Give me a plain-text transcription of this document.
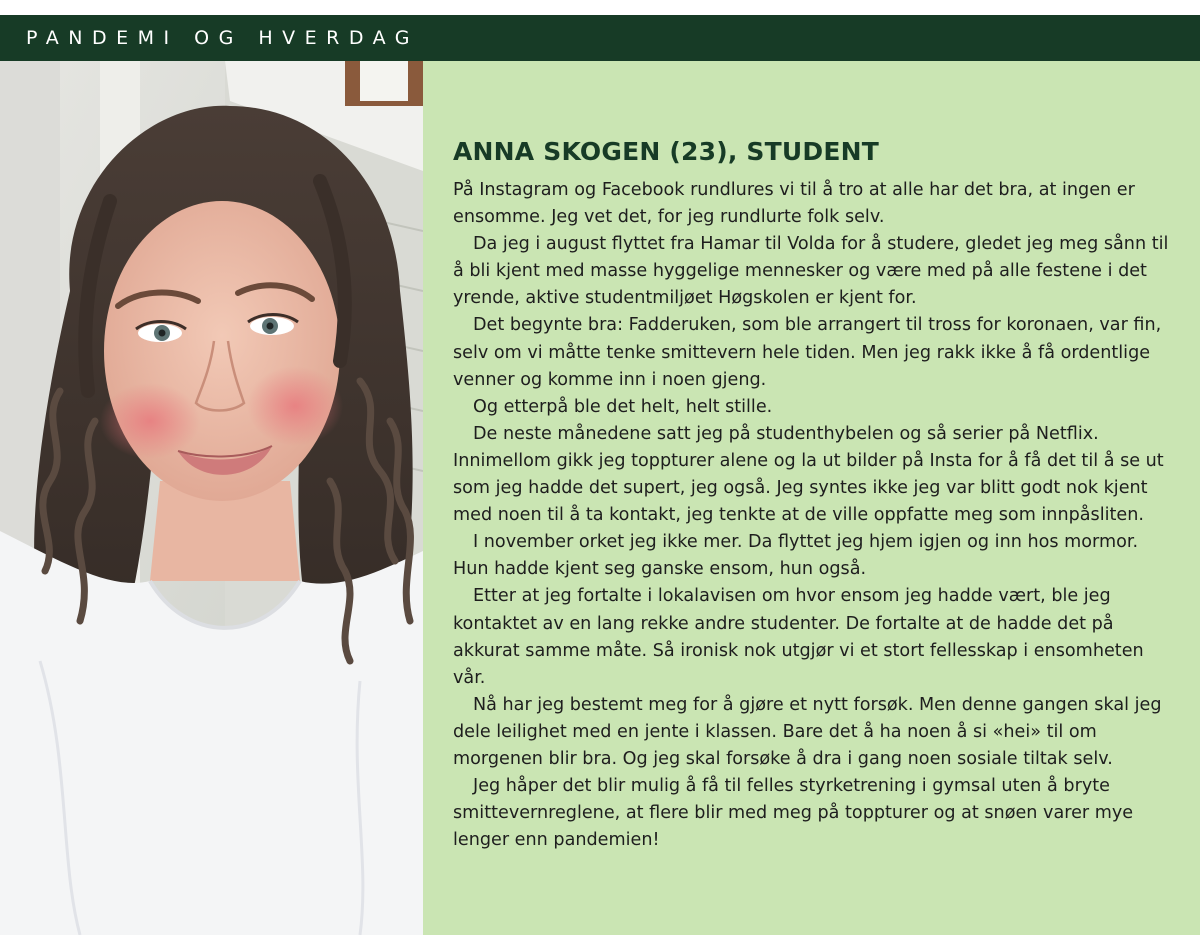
PANDEMI OG HVERDAG
ANNA SKOGEN (23), STUDENT

På Instagram og Facebook rundlures vi til å tro at alle har det bra, at ingen er ensomme. Jeg vet det, for jeg rundlurte folk selv.

Da jeg i august flyttet fra Hamar til Volda for å studere, gledet jeg meg sånn til å bli kjent med masse hyggelige mennesker og være med på alle festene i det yrende, aktive studentmiljøet Høgskolen er kjent for.

Det begynte bra: Fadderuken, som ble arrangert til tross for koronaen, var fin, selv om vi måtte tenke smittevern hele tiden. Men jeg rakk ikke å få ordentlige venner og komme inn i noen gjeng.

Og etterpå ble det helt, helt stille.

De neste månedene satt jeg på studenthybelen og så serier på Netflix. Innimellom gikk jeg toppturer alene og la ut bilder på Insta for å få det til å se ut som jeg hadde det supert, jeg også. Jeg syntes ikke jeg var blitt godt nok kjent med noen til å ta kontakt, jeg tenkte at de ville oppfatte meg som innpåsliten.

I november orket jeg ikke mer. Da flyttet jeg hjem igjen og inn hos mormor. Hun hadde kjent seg ganske ensom, hun også.

Etter at jeg fortalte i lokalavisen om hvor ensom jeg hadde vært, ble jeg kontaktet av en lang rekke andre studenter. De fortalte at de hadde det på akkurat samme måte. Så ironisk nok utgjør vi et stort fellesskap i ensomheten vår.

Nå har jeg bestemt meg for å gjøre et nytt forsøk. Men denne gangen skal jeg dele leilighet med en jente i klassen. Bare det å ha noen å si «hei» til om morgenen blir bra. Og jeg skal forsøke å dra i gang noen sosiale tiltak selv.

Jeg håper det blir mulig å få til felles styrketrening i gymsal uten å bryte smittevernreglene, at flere blir med meg på toppturer og at snøen varer mye lenger enn pandemien!
